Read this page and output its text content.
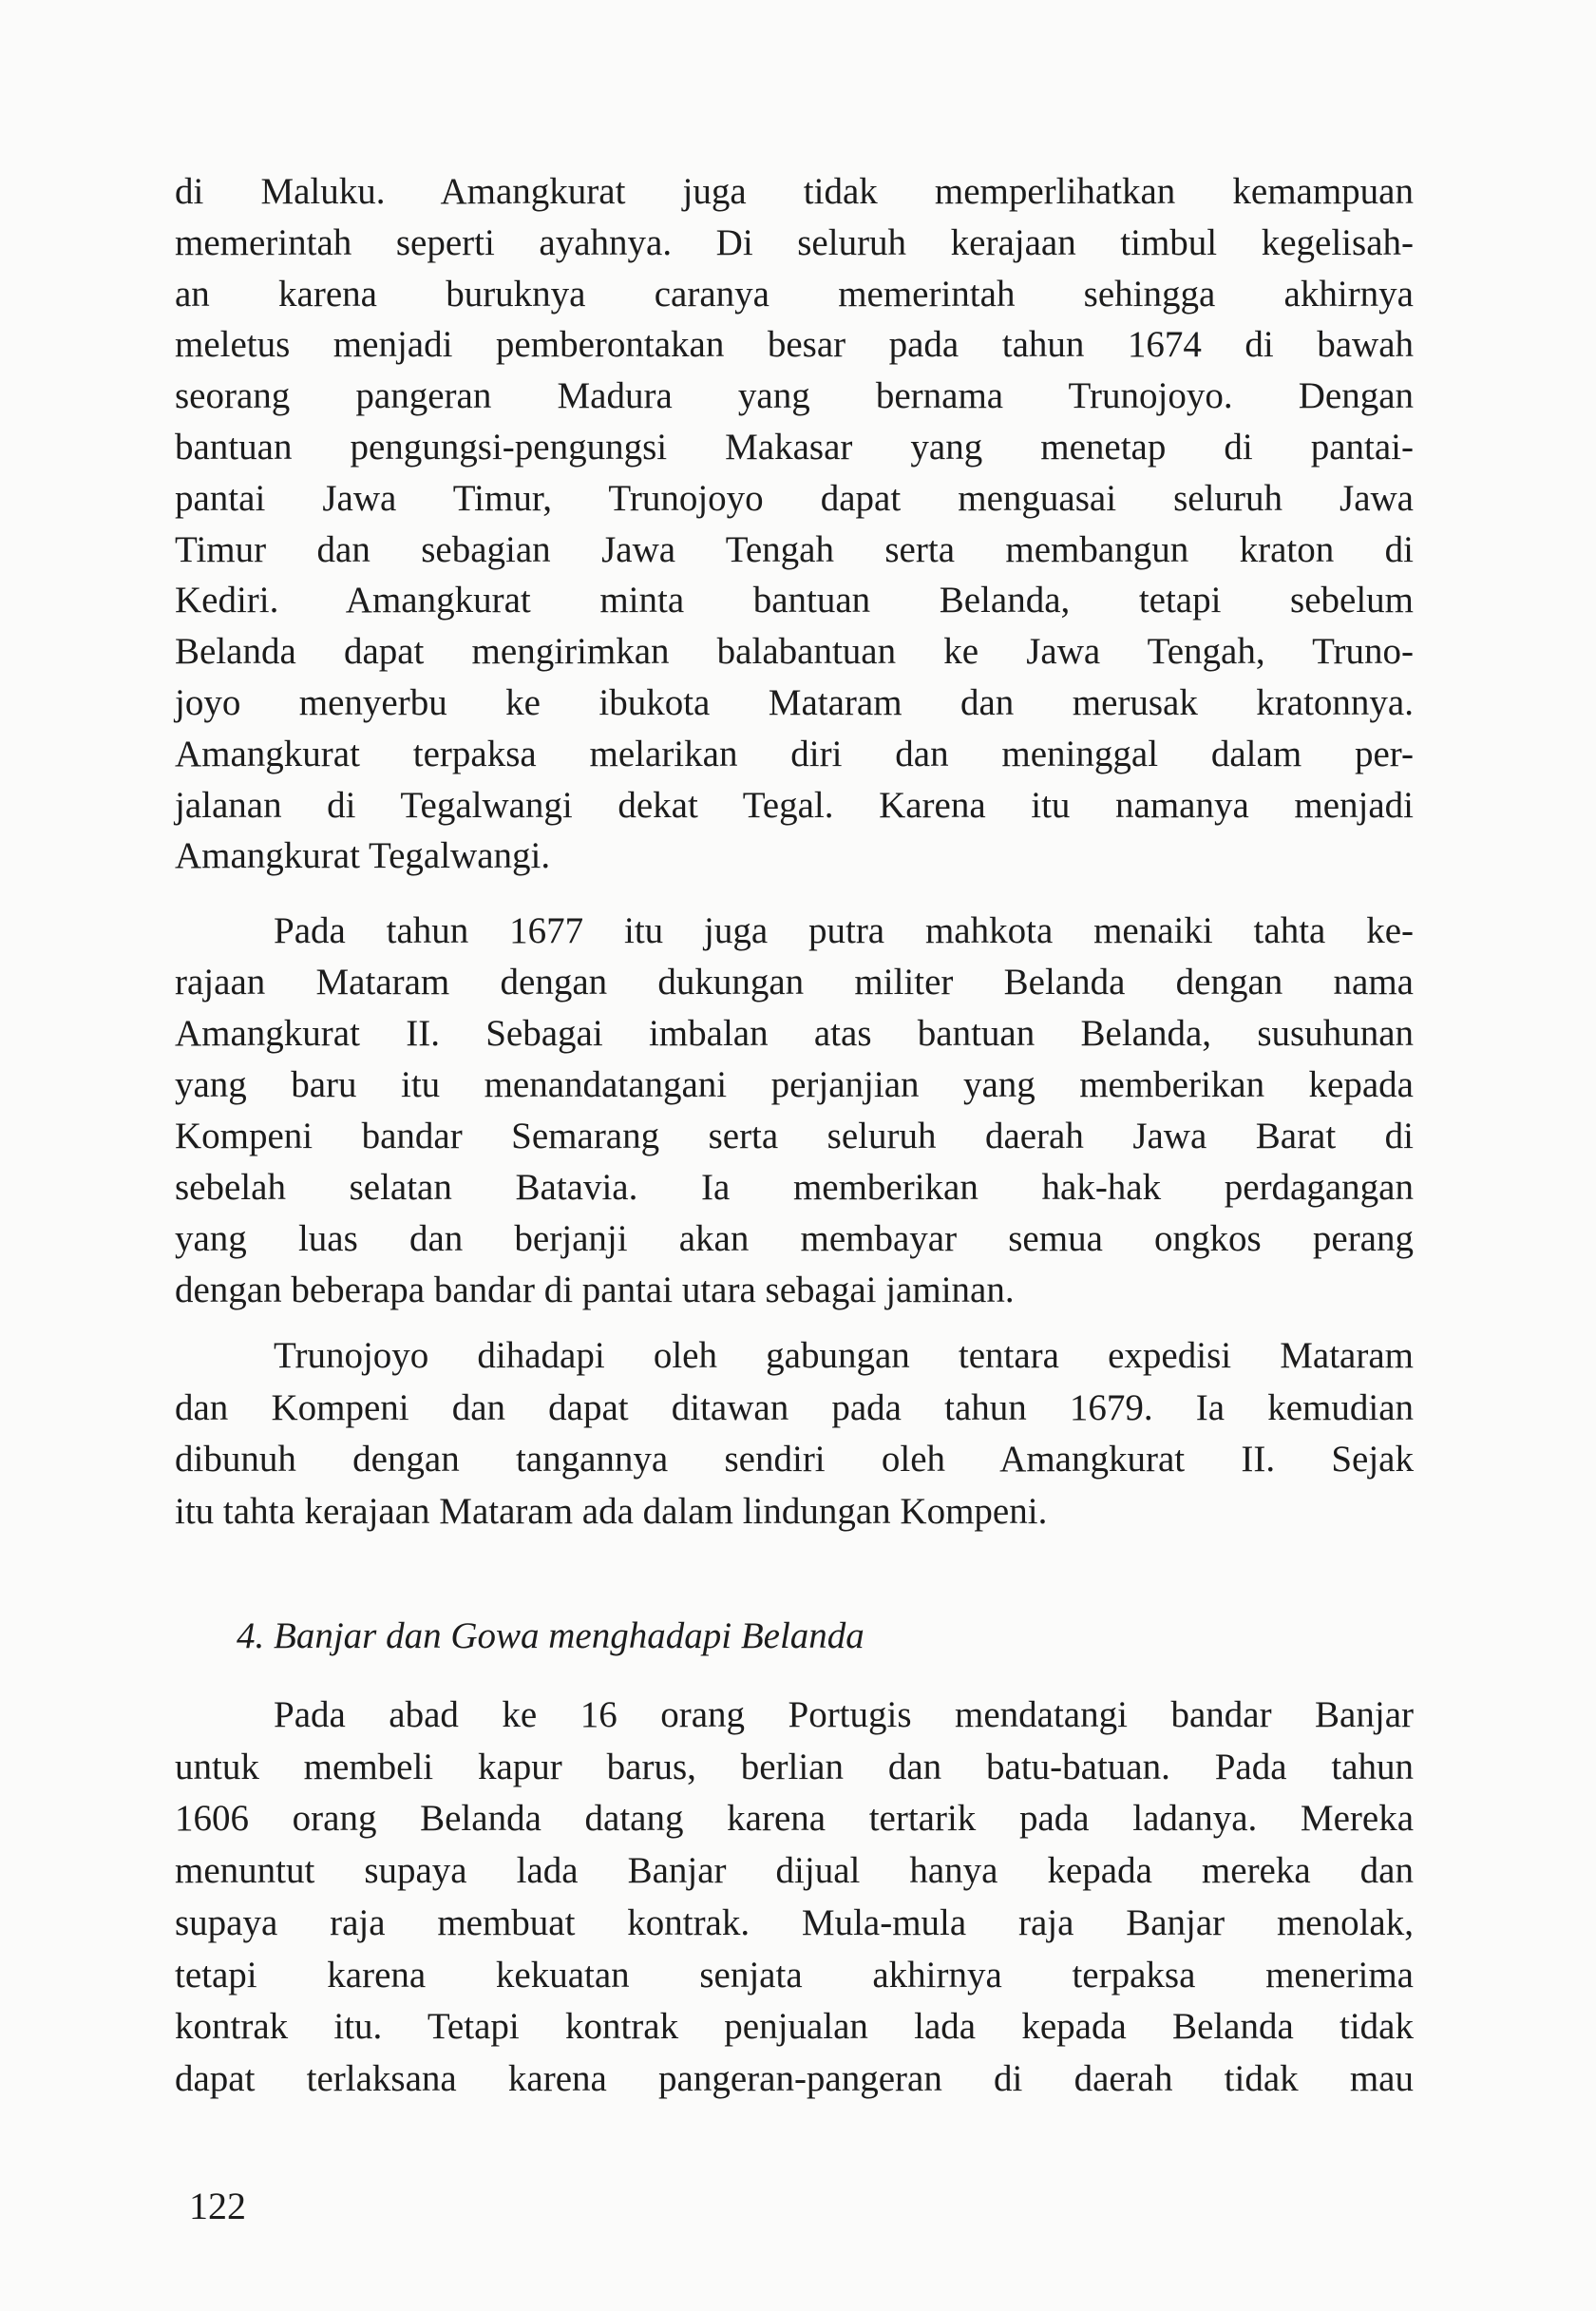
4. Banjar dan Gowa menghadapi Belanda
122
di Maluku. Amangkurat juga tidak memperlihatkan kemampuan
memerintah seperti ayahnya. Di seluruh kerajaan timbul kegelisah-
an karena buruknya caranya memerintah sehingga akhirnya
meletus menjadi pemberontakan besar pada tahun 1674 di bawah
seorang pangeran Madura yang bernama Trunojoyo. Dengan
bantuan pengungsi-pengungsi Makasar yang menetap di pantai-
pantai Jawa Timur, Trunojoyo dapat menguasai seluruh Jawa
Timur dan sebagian Jawa Tengah serta membangun kraton di
Kediri. Amangkurat minta bantuan Belanda, tetapi sebelum
Belanda dapat mengirimkan balabantuan ke Jawa Tengah, Truno-
joyo menyerbu ke ibukota Mataram dan merusak kratonnya.
Amangkurat terpaksa melarikan diri dan meninggal dalam per-
jalanan di Tegalwangi dekat Tegal. Karena itu namanya menjadi
Amangkurat Tegalwangi.
Pada tahun 1677 itu juga putra mahkota menaiki tahta ke-
rajaan Mataram dengan dukungan militer Belanda dengan nama
Amangkurat II. Sebagai imbalan atas bantuan Belanda, susuhunan
yang baru itu menandatangani perjanjian yang memberikan kepada
Kompeni bandar Semarang serta seluruh daerah Jawa Barat di
sebelah selatan Batavia. Ia memberikan hak-hak perdagangan
yang luas dan berjanji akan membayar semua ongkos perang
dengan beberapa bandar di pantai utara sebagai jaminan.
Trunojoyo dihadapi oleh gabungan tentara expedisi Mataram
dan Kompeni dan dapat ditawan pada tahun 1679. Ia kemudian
dibunuh dengan tangannya sendiri oleh Amangkurat II. Sejak
itu tahta kerajaan Mataram ada dalam lindungan Kompeni.
Pada abad ke 16 orang Portugis mendatangi bandar Banjar
untuk membeli kapur barus, berlian dan batu-batuan. Pada tahun
1606 orang Belanda datang karena tertarik pada ladanya. Mereka
menuntut supaya lada Banjar dijual hanya kepada mereka dan
supaya raja membuat kontrak. Mula-mula raja Banjar menolak,
tetapi karena kekuatan senjata akhirnya terpaksa menerima
kontrak itu. Tetapi kontrak penjualan lada kepada Belanda tidak
dapat terlaksana karena pangeran-pangeran di daerah tidak mau
